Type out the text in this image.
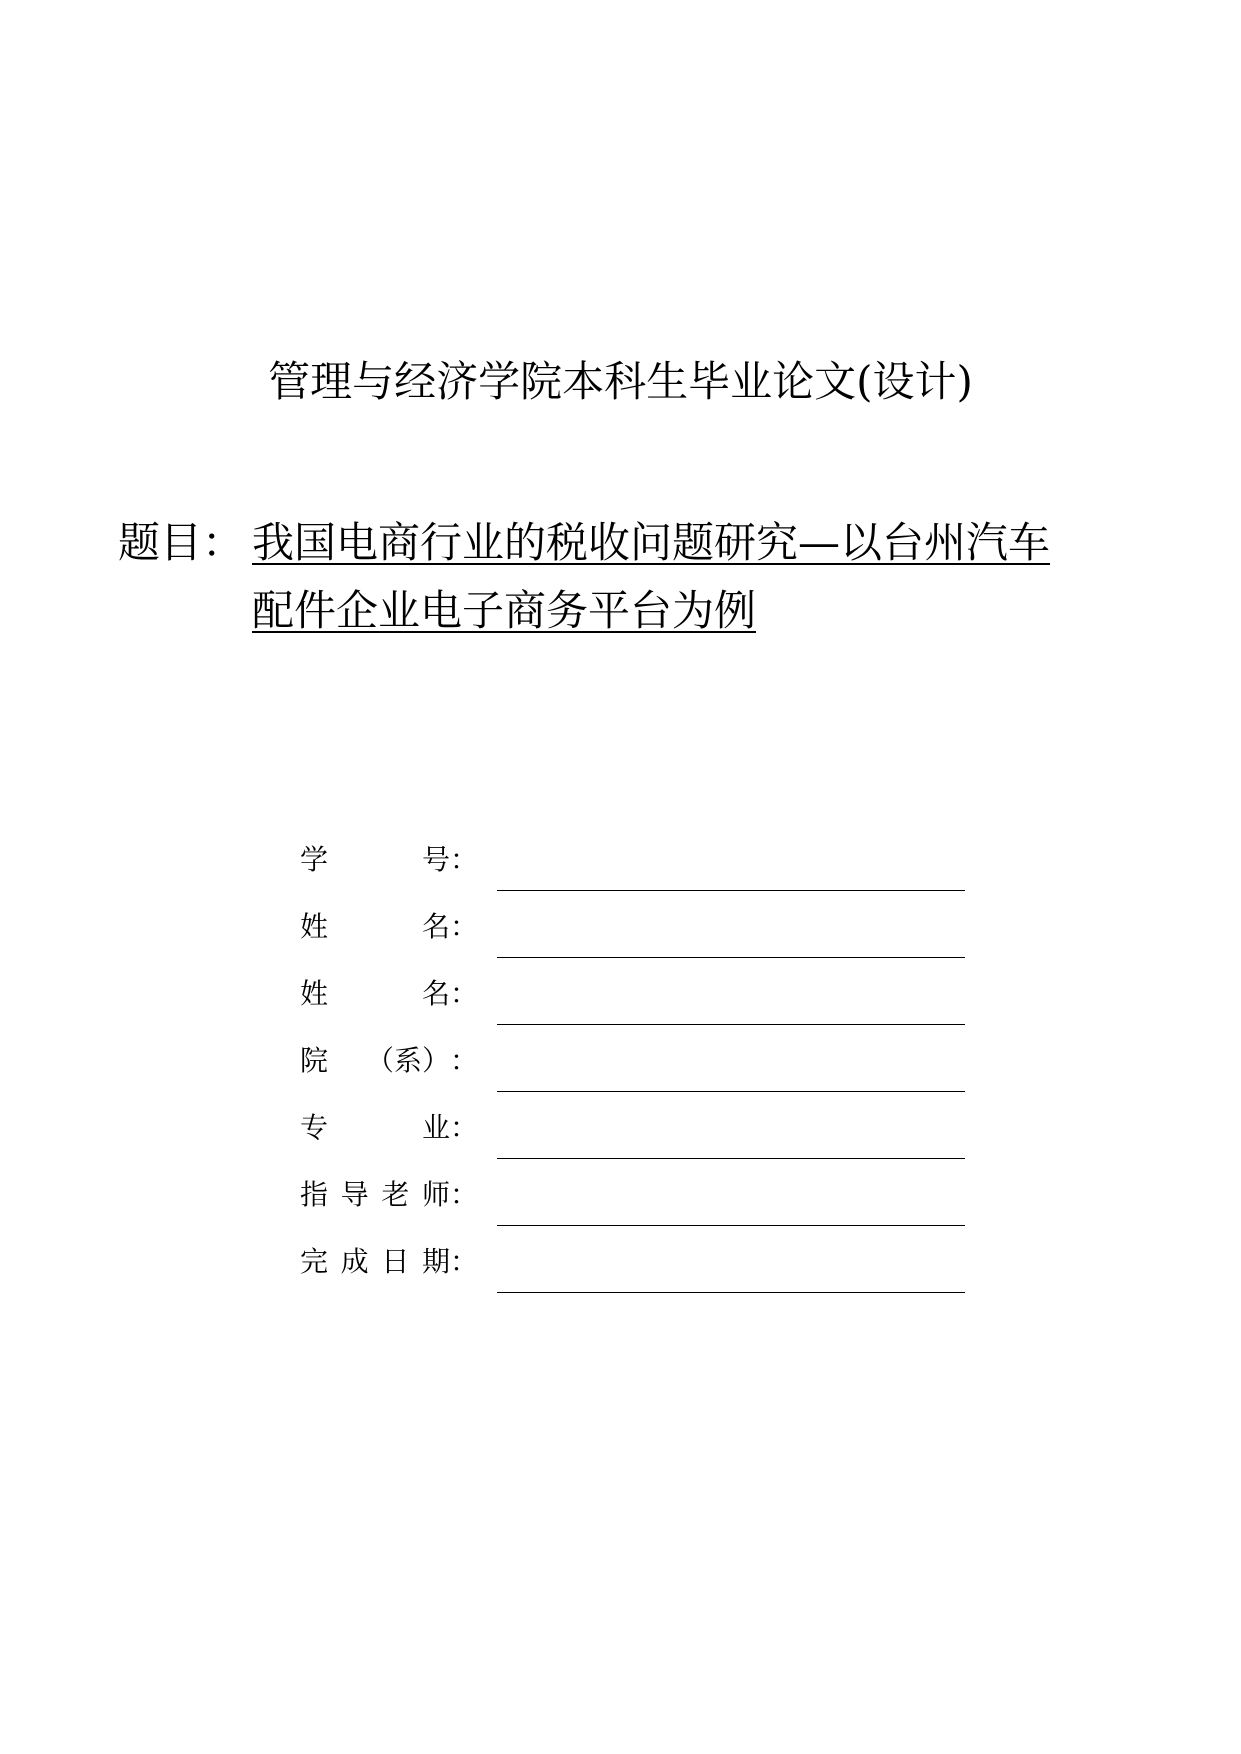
管理与经济学院本科生毕业论文(设计)
题目： 我国电商行业的税收问题研究—以台州汽车
配件企业电子商务平台为例
学	号 ：
姓	名 ：
姓	名 ：
院 （系） ：
专	业 ：
指 导 老 师 ：
完 成 日 期 ：
